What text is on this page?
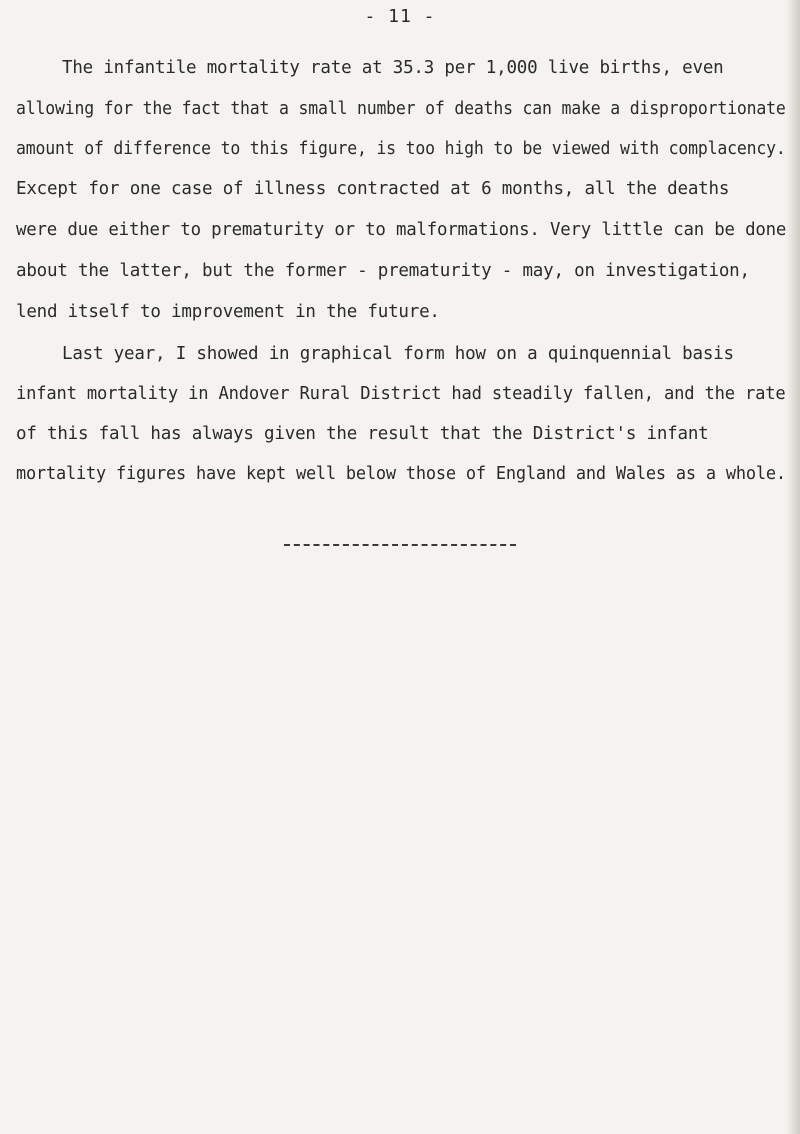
- 11 -
The infantile mortality rate at 35.3 per 1,000 live births, even
allowing for the fact that a small number of deaths can make a disproportionate
amount of difference to this figure, is too high to be viewed with complacency.
Except for one case of illness contracted at 6 months, all the deaths
were due either to prematurity or to malformations. Very little can be done
about the latter, but the former - prematurity - may, on investigation,
lend itself to improvement in the future.
Last year, I showed in graphical form how on a quinquennial basis
infant mortality in Andover Rural District had steadily fallen, and the rate
of this fall has always given the result that the District's infant
mortality figures have kept well below those of England and Wales as a whole.
